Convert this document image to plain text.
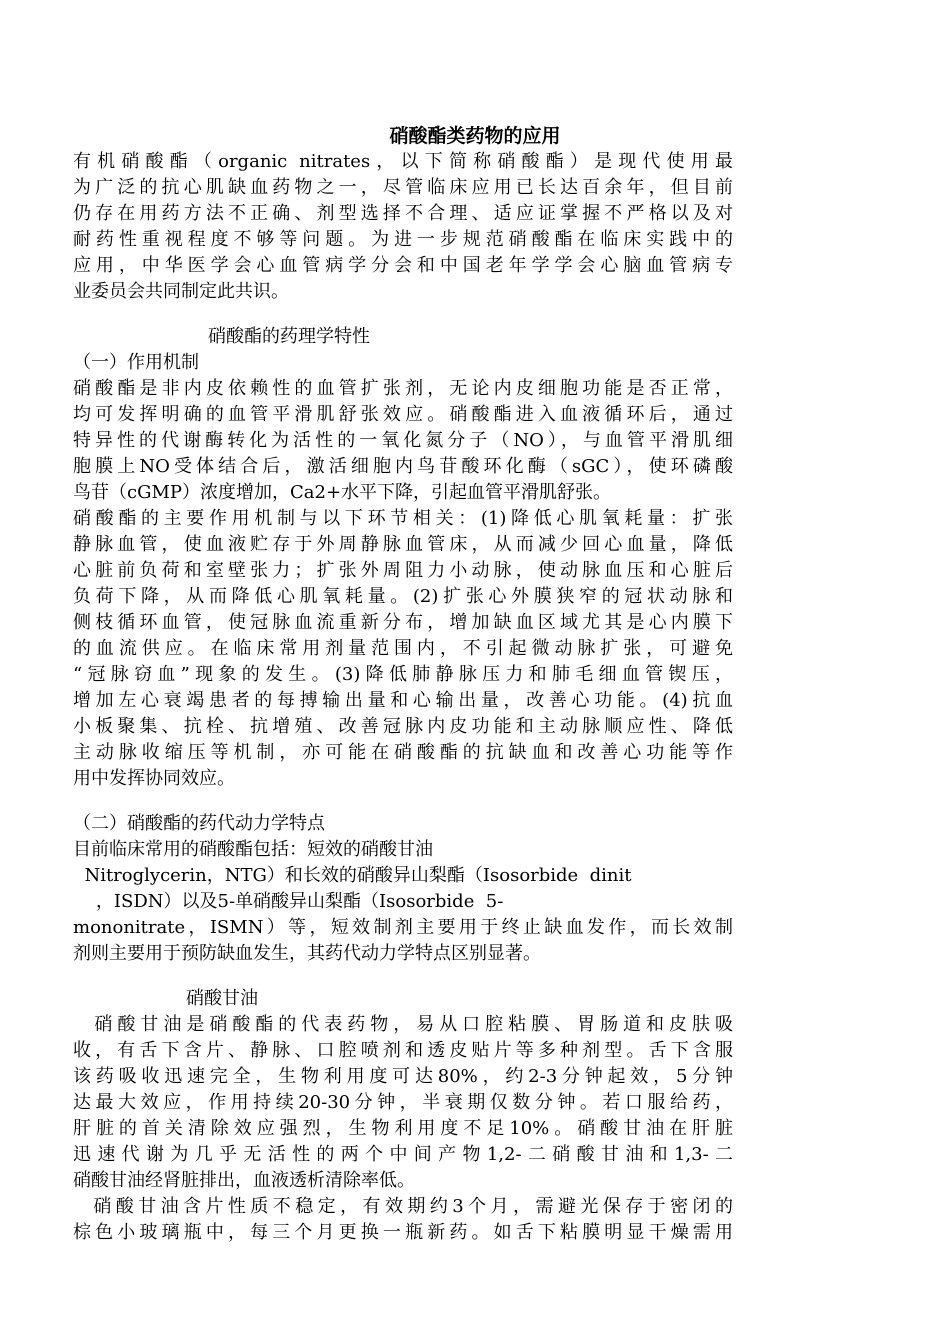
硝酸酯类药物的应用
有机硝酸酯（organic nitrates，以下简称硝酸酯）是现代使用最
为广泛的抗心肌缺血药物之一，尽管临床应用已长达百余年，但目前
仍存在用药方法不正确、剂型选择不合理、适应证掌握不严格以及对
耐药性重视程度不够等问题。为进一步规范硝酸酯在临床实践中的
应用，中华医学会心血管病学分会和中国老年学学会心脑血管病专
业委员会共同制定此共识。
硝酸酯的药理学特性
（一）作用机制
硝酸酯是非内皮依赖性的血管扩张剂，无论内皮细胞功能是否正常，
均可发挥明确的血管平滑肌舒张效应。硝酸酯进入血液循环后，通过
特异性的代谢酶转化为活性的一氧化氮分子（NO），与血管平滑肌细
胞膜上NO受体结合后，激活细胞内鸟苷酸环化酶（sGC），使环磷酸
鸟苷（cGMP）浓度增加，Ca2+水平下降，引起血管平滑肌舒张。
硝酸酯的主要作用机制与以下环节相关：(1)降低心肌氧耗量：扩张
静脉血管，使血液贮存于外周静脉血管床，从而减少回心血量，降低
心脏前负荷和室壁张力；扩张外周阻力小动脉，使动脉血压和心脏后
负荷下降，从而降低心肌氧耗量。(2)扩张心外膜狭窄的冠状动脉和
侧枝循环血管，使冠脉血流重新分布，增加缺血区域尤其是心内膜下
的血流供应。在临床常用剂量范围内，不引起微动脉扩张，可避免
“冠脉窃血”现象的发生。(3)降低肺静脉压力和肺毛细血管锲压，
增加左心衰竭患者的每搏输出量和心输出量，改善心功能。(4)抗血
小板聚集、抗栓、抗增殖、改善冠脉内皮功能和主动脉顺应性、降低
主动脉收缩压等机制，亦可能在硝酸酯的抗缺血和改善心功能等作
用中发挥协同效应。
（二）硝酸酯的药代动力学特点
目前临床常用的硝酸酯包括：短效的硝酸甘油
Nitroglycerin，NTG）和长效的硝酸异山梨酯（Isosorbide  dinit
，ISDN）以及5-单硝酸异山梨酯（Isosorbide  5-
mononitrate，ISMN）等，短效制剂主要用于终止缺血发作，而长效制
剂则主要用于预防缺血发生，其药代动力学特点区别显著。
硝酸甘油
硝酸甘油是硝酸酯的代表药物，易从口腔粘膜、胃肠道和皮肤吸
收，有舌下含片、静脉、口腔喷剂和透皮贴片等多种剂型。舌下含服
该药吸收迅速完全，生物利用度可达80%，约2-3分钟起效，5分钟
达最大效应，作用持续20-30分钟，半衰期仅数分钟。若口服给药，
肝脏的首关清除效应强烈，生物利用度不足10%。硝酸甘油在肝脏
迅速代谢为几乎无活性的两个中间产物1,2-二硝酸甘油和1,3-二
硝酸甘油经肾脏排出，血液透析清除率低。
硝酸甘油含片性质不稳定，有效期约3个月，需避光保存于密闭的
棕色小玻璃瓶中，每三个月更换一瓶新药。如舌下粘膜明显干燥需用
